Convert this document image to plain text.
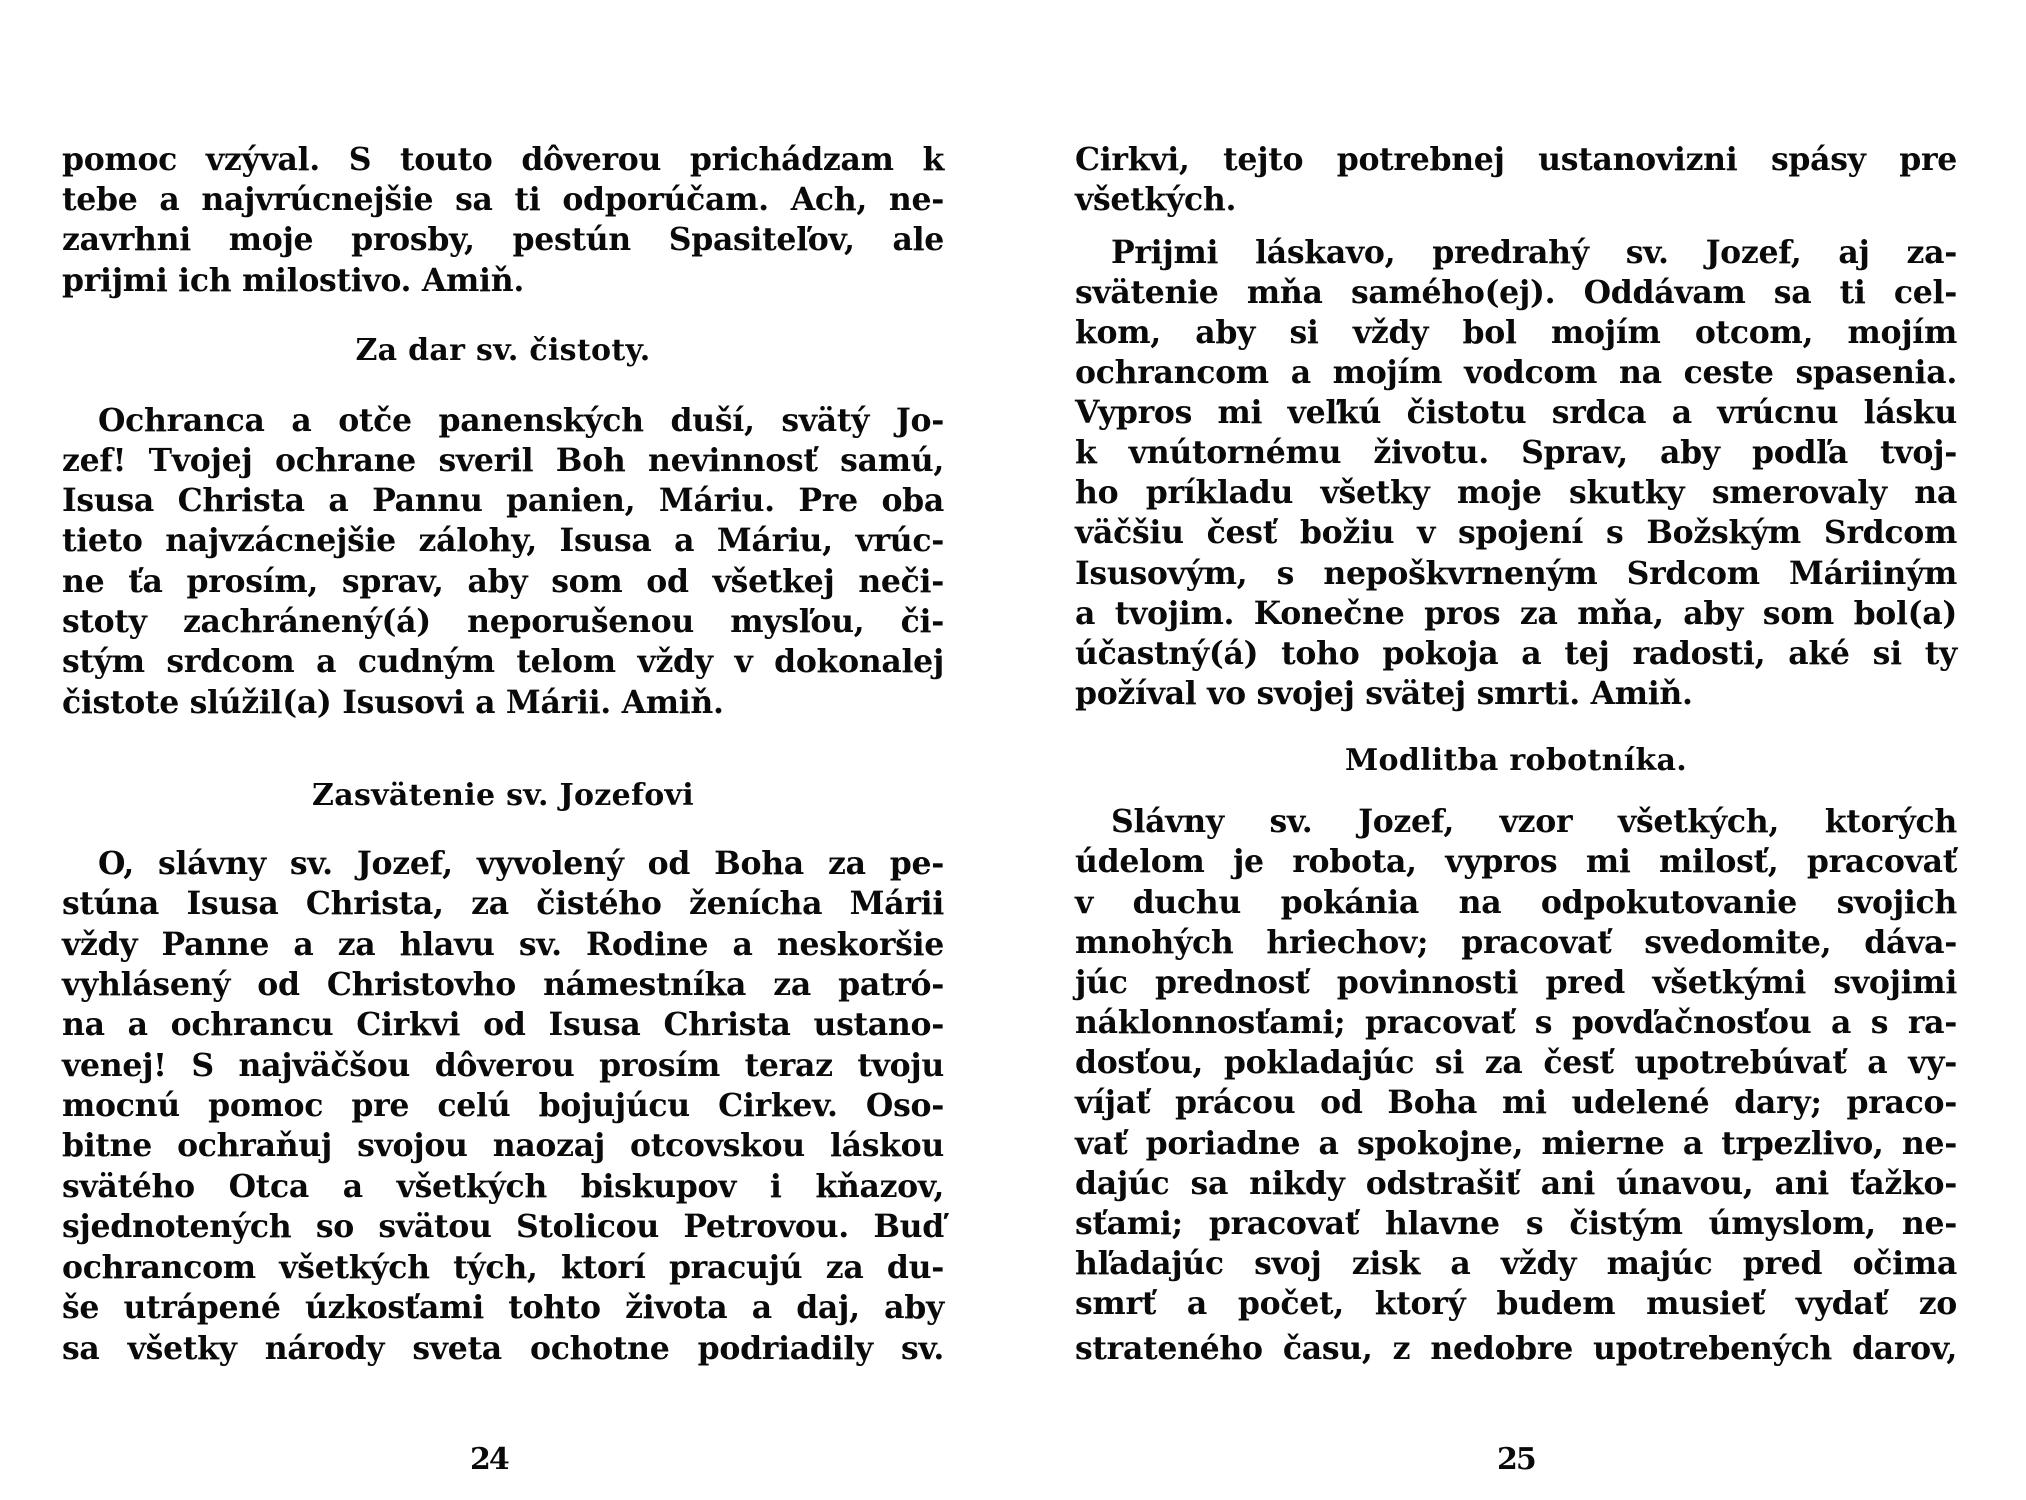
pomoc vzýval. S touto dôverou prichádzam k
tebe a najvrúcnejšie sa ti odporúčam. Ach, ne-
zavrhni moje prosby, pestún Spasiteľov, ale
prijmi ich milostivo. Amiň.
Za dar sv. čistoty.
Ochranca a otče panenských duší, svätý Jo-
zef! Tvojej ochrane sveril Boh nevinnosť samú,
Isusa Christa a Pannu panien, Máriu. Pre oba
tieto najvzácnejšie zálohy, Isusa a Máriu, vrúc-
ne ťa prosím, sprav, aby som od všetkej neči-
stoty zachránený(á) neporušenou mysľou, či-
stým srdcom a cudným telom vždy v dokonalej
čistote slúžil(a) Isusovi a Márii. Amiň.
Zasvätenie sv. Jozefovi
O, slávny sv. Jozef, vyvolený od Boha za pe-
stúna Isusa Christa, za čistého ženícha Márii
vždy Panne a za hlavu sv. Rodine a neskoršie
vyhlásený od Christovho námestníka za patró-
na a ochrancu Cirkvi od Isusa Christa ustano-
venej! S najväčšou dôverou prosím teraz tvoju
mocnú pomoc pre celú bojujúcu Cirkev. Oso-
bitne ochraňuj svojou naozaj otcovskou láskou
svätého Otca a všetkých biskupov i kňazov,
sjednotených so svätou Stolicou Petrovou. Buď
ochrancom všetkých tých, ktorí pracujú za du-
še utrápené úzkosťami tohto života a daj, aby
sa všetky národy sveta ochotne podriadily sv.
24
Cirkvi, tejto potrebnej ustanovizni spásy pre
všetkých.
Prijmi láskavo, predrahý sv. Jozef, aj za-
svätenie mňa samého(ej). Oddávam sa ti cel-
kom, aby si vždy bol mojím otcom, mojím
ochrancom a mojím vodcom na ceste spasenia.
Vypros mi veľkú čistotu srdca a vrúcnu lásku
k vnútornému životu. Sprav, aby podľa tvoj-
ho príkladu všetky moje skutky smerovaly na
väčšiu česť božiu v spojení s Božským Srdcom
Isusovým, s nepoškvrneným Srdcom Máriiným
a tvojim. Konečne pros za mňa, aby som bol(a)
účastný(á) toho pokoja a tej radosti, aké si ty
požíval vo svojej svätej smrti. Amiň.
Modlitba robotníka.
Slávny sv. Jozef, vzor všetkých, ktorých
údelom je robota, vypros mi milosť, pracovať
v duchu pokánia na odpokutovanie svojich
mnohých hriechov; pracovať svedomite, dáva-
júc prednosť povinnosti pred všetkými svojimi
náklonnosťami; pracovať s povďačnosťou a s ra-
dosťou, pokladajúc si za česť upotrebúvať a vy-
víjať prácou od Boha mi udelené dary; praco-
vať poriadne a spokojne, mierne a trpezlivo, ne-
dajúc sa nikdy odstrašiť ani únavou, ani ťažko-
sťami; pracovať hlavne s čistým úmyslom, ne-
hľadajúc svoj zisk a vždy majúc pred očima
smrť a počet, ktorý budem musieť vydať zo
strateného času, z nedobre upotrebených darov,
25
